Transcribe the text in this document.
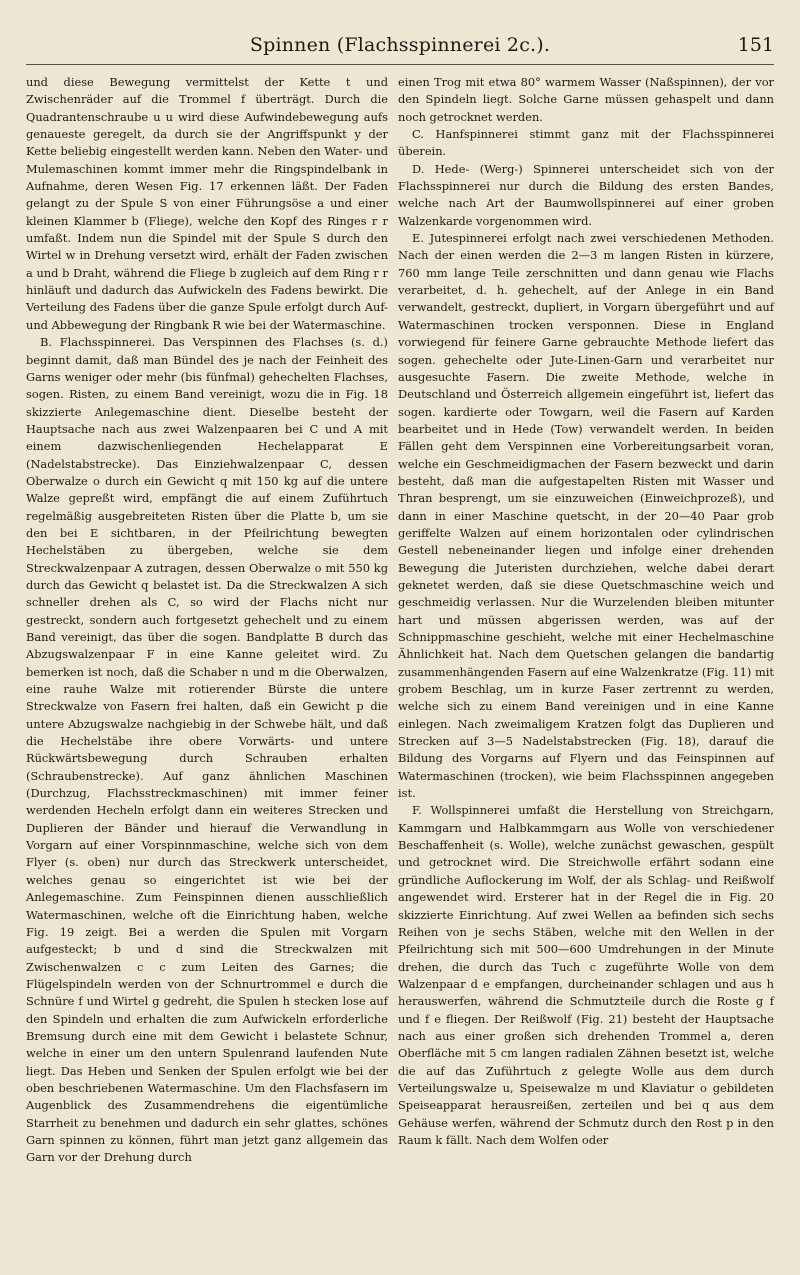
Spinnen (Flachsspinnerei 2c.).	151

und diese Bewegung vermittelst der Kette t und Zwischenräder auf die Trommel f überträgt. Durch die Quadrantenschraube u u wird diese Aufwindebewegung aufs genaueste geregelt, da durch sie der Angriffspunkt y der Kette beliebig eingestellt werden kann. Neben den Water- und Mulemaschinen kommt immer mehr die Ringspindelbank in Aufnahme, deren Wesen Fig. 17 erkennen läßt. Der Faden gelangt zu der Spule S von einer Führungsöse a und einer kleinen Klammer b (Fliege), welche den Kopf des Ringes r r umfaßt. Indem nun die Spindel mit der Spule S durch den Wirtel w in Drehung versetzt wird, erhält der Faden zwischen a und b Draht, während die Fliege b zugleich auf dem Ring r r hinläuft und dadurch das Aufwickeln des Fadens bewirkt. Die Verteilung des Fadens über die ganze Spule erfolgt durch Auf- und Abbewegung der Ringbank R wie bei der Watermaschine.

B. Flachsspinnerei. Das Verspinnen des Flachses (s. d.) beginnt damit, daß man Bündel des je nach der Feinheit des Garns weniger oder mehr (bis fünfmal) gehechelten Flachses, sogen. Risten, zu einem Band vereinigt, wozu die in Fig. 18 skizzierte Anlegemaschine dient. Dieselbe besteht der Hauptsache nach aus zwei Walzenpaaren bei C und A mit einem dazwischenliegenden Hechelapparat E (Nadelstabstrecke). Das Einziehwalzenpaar C, dessen Oberwalze o durch ein Gewicht q mit 150 kg auf die untere Walze gepreßt wird, empfängt die auf einem Zuführtuch regelmäßig ausgebreiteten Risten über die Platte b, um sie den bei E sichtbaren, in der Pfeilrichtung bewegten Hechelstäben zu übergeben, welche sie dem Streckwalzenpaar A zutragen, dessen Oberwalze o mit 550 kg durch das Gewicht q belastet ist. Da die Streckwalzen A sich schneller drehen als C, so wird der Flachs nicht nur gestreckt, sondern auch fortgesetzt gehechelt und zu einem Band vereinigt, das über die sogen. Bandplatte B durch das Abzugswalzenpaar F in eine Kanne geleitet wird. Zu bemerken ist noch, daß die Schaber n und m die Oberwalzen, eine rauhe Walze mit rotierender Bürste die untere Streckwalze von Fasern frei halten, daß ein Gewicht p die untere Abzugswalze nachgiebig in der Schwebe hält, und daß die Hechelstäbe ihre obere Vorwärts- und untere Rückwärtsbewegung durch Schrauben erhalten (Schraubenstrecke). Auf ganz ähnlichen Maschinen (Durchzug, Flachsstreckmaschinen) mit immer feiner werdenden Hecheln erfolgt dann ein weiteres Strecken und Duplieren der Bänder und hierauf die Verwandlung in Vorgarn auf einer Vorspinnmaschine, welche sich von dem Flyer (s. oben) nur durch das Streckwerk unterscheidet, welches genau so eingerichtet ist wie bei der Anlegemaschine. Zum Feinspinnen dienen ausschließlich Watermaschinen, welche oft die Einrichtung haben, welche Fig. 19 zeigt. Bei a werden die Spulen mit Vorgarn aufgesteckt; b und d sind die Streckwalzen mit Zwischenwalzen c c zum Leiten des Garnes; die Flügelspindeln werden von der Schnurtrommel e durch die Schnüre f und Wirtel g gedreht, die Spulen h stecken lose auf den Spindeln und erhalten die zum Aufwickeln erforderliche Bremsung durch eine mit dem Gewicht i belastete Schnur, welche in einer um den untern Spulenrand laufenden Nute liegt. Das Heben und Senken der Spulen erfolgt wie bei der oben beschriebenen Watermaschine. Um den Flachsfasern im Augenblick des Zusammendrehens die eigentümliche Starrheit zu benehmen und dadurch ein sehr glattes, schönes Garn spinnen zu können, führt man jetzt ganz allgemein das Garn vor der Drehung durch

einen Trog mit etwa 80° warmem Wasser (Naßspinnen), der vor den Spindeln liegt. Solche Garne müssen gehaspelt und dann noch getrocknet werden.

C. Hanfspinnerei stimmt ganz mit der Flachsspinnerei überein.

D. Hede- (Werg-) Spinnerei unterscheidet sich von der Flachsspinnerei nur durch die Bildung des ersten Bandes, welche nach Art der Baumwollspinnerei auf einer groben Walzenkarde vorgenommen wird.

E. Jutespinnerei erfolgt nach zwei verschiedenen Methoden. Nach der einen werden die 2—3 m langen Risten in kürzere, 760 mm lange Teile zerschnitten und dann genau wie Flachs verarbeitet, d. h. gehechelt, auf der Anlege in ein Band verwandelt, gestreckt, dupliert, in Vorgarn übergeführt und auf Watermaschinen trocken versponnen. Diese in England vorwiegend für feinere Garne gebrauchte Methode liefert das sogen. gehechelte oder Jute-Linen-Garn und verarbeitet nur ausgesuchte Fasern. Die zweite Methode, welche in Deutschland und Österreich allgemein eingeführt ist, liefert das sogen. kardierte oder Towgarn, weil die Fasern auf Karden bearbeitet und in Hede (Tow) verwandelt werden. In beiden Fällen geht dem Verspinnen eine Vorbereitungsarbeit voran, welche ein Geschmeidigmachen der Fasern bezweckt und darin besteht, daß man die aufgestapelten Risten mit Wasser und Thran besprengt, um sie einzuweichen (Einweichprozeß), und dann in einer Maschine quetscht, in der 20—40 Paar grob geriffelte Walzen auf einem horizontalen oder cylindrischen Gestell nebeneinander liegen und infolge einer drehenden Bewegung die Juteristen durchziehen, welche dabei derart geknetet werden, daß sie diese Quetschmaschine weich und geschmeidig verlassen. Nur die Wurzelenden bleiben mitunter hart und müssen abgerissen werden, was auf der Schnippmaschine geschieht, welche mit einer Hechelmaschine Ähnlichkeit hat. Nach dem Quetschen gelangen die bandartig zusammenhängenden Fasern auf eine Walzenkratze (Fig. 11) mit grobem Beschlag, um in kurze Faser zertrennt zu werden, welche sich zu einem Band vereinigen und in eine Kanne einlegen. Nach zweimaligem Kratzen folgt das Duplieren und Strecken auf 3—5 Nadelstabstrecken (Fig. 18), darauf die Bildung des Vorgarns auf Flyern und das Feinspinnen auf Watermaschinen (trocken), wie beim Flachsspinnen angegeben ist.

F. Wollspinnerei umfaßt die Herstellung von Streichgarn, Kammgarn und Halbkammgarn aus Wolle von verschiedener Beschaffenheit (s. Wolle), welche zunächst gewaschen, gespült und getrocknet wird. Die Streichwolle erfährt sodann eine gründliche Auflockerung im Wolf, der als Schlag- und Reißwolf angewendet wird. Ersterer hat in der Regel die in Fig. 20 skizzierte Einrichtung. Auf zwei Wellen aa befinden sich sechs Reihen von je sechs Stäben, welche mit den Wellen in der Pfeilrichtung sich mit 500—600 Umdrehungen in der Minute drehen, die durch das Tuch c zugeführte Wolle von dem Walzenpaar d e empfangen, durcheinander schlagen und aus h herauswerfen, während die Schmutzteile durch die Roste g f und f e fliegen. Der Reißwolf (Fig. 21) besteht der Hauptsache nach aus einer großen sich drehenden Trommel a, deren Oberfläche mit 5 cm langen radialen Zähnen besetzt ist, welche die auf das Zuführtuch z gelegte Wolle aus dem durch Verteilungswalze u, Speisewalze m und Klaviatur o gebildeten Speiseapparat herausreißen, zerteilen und bei q aus dem Gehäuse werfen, während der Schmutz durch den Rost p in den Raum k fällt. Nach dem Wolfen oder
